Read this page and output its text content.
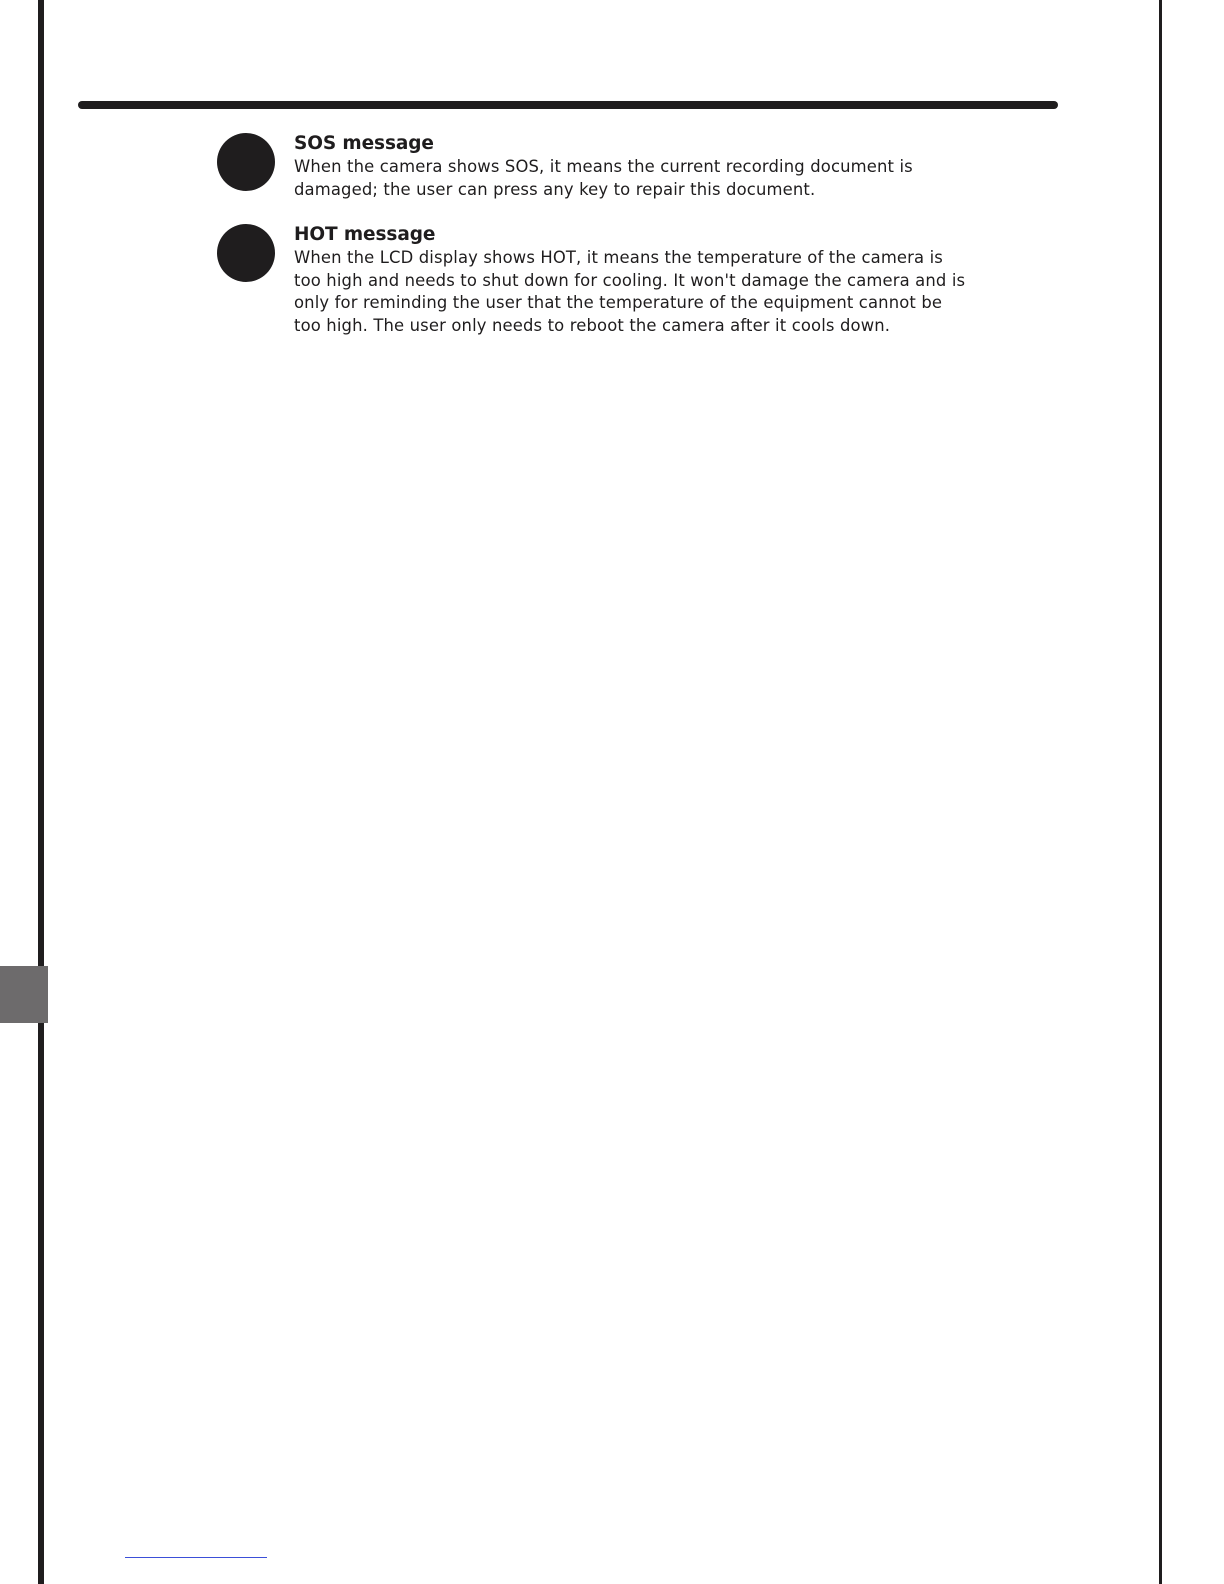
SOS message

When the camera shows SOS, it means the current recording document is damaged; the user can press any key to repair this document.

HOT message

When the LCD display shows HOT, it means the temperature of the camera is too high and needs to shut down for cooling. It won't damage the camera and is only for reminding the user that the temperature of the equipment cannot be too high. The user only needs to reboot the camera after it cools down.
